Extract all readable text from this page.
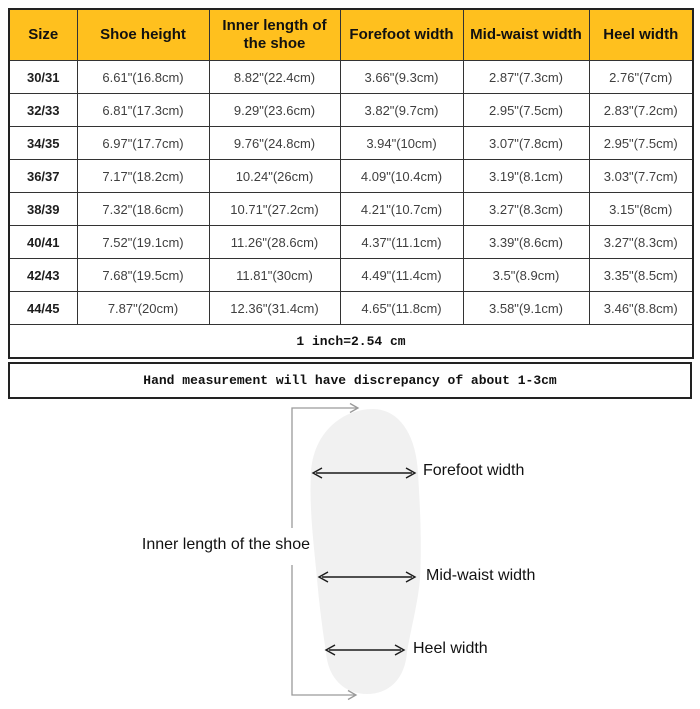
Size	Shoe height	Inner length of the shoe	Forefoot width	Mid-waist width	Heel width
30/31	6.61"(16.8cm)	8.82"(22.4cm)	3.66"(9.3cm)	2.87"(7.3cm)	2.76"(7cm)
32/33	6.81"(17.3cm)	9.29"(23.6cm)	3.82"(9.7cm)	2.95"(7.5cm)	2.83"(7.2cm)
34/35	6.97"(17.7cm)	9.76"(24.8cm)	3.94"(10cm)	3.07"(7.8cm)	2.95"(7.5cm)
36/37	7.17"(18.2cm)	10.24"(26cm)	4.09"(10.4cm)	3.19"(8.1cm)	3.03"(7.7cm)
38/39	7.32"(18.6cm)	10.71"(27.2cm)	4.21"(10.7cm)	3.27"(8.3cm)	3.15"(8cm)
40/41	7.52"(19.1cm)	11.26"(28.6cm)	4.37"(11.1cm)	3.39"(8.6cm)	3.27"(8.3cm)
42/43	7.68"(19.5cm)	11.81"(30cm)	4.49"(11.4cm)	3.5"(8.9cm)	3.35"(8.5cm)
44/45	7.87"(20cm)	12.36"(31.4cm)	4.65"(11.8cm)	3.58"(9.1cm)	3.46"(8.8cm)
1 inch=2.54 cm					
Hand measurement will have discrepancy of about 1-3cm
Forefoot width
Mid-waist width
Heel width
Inner length of the shoe
